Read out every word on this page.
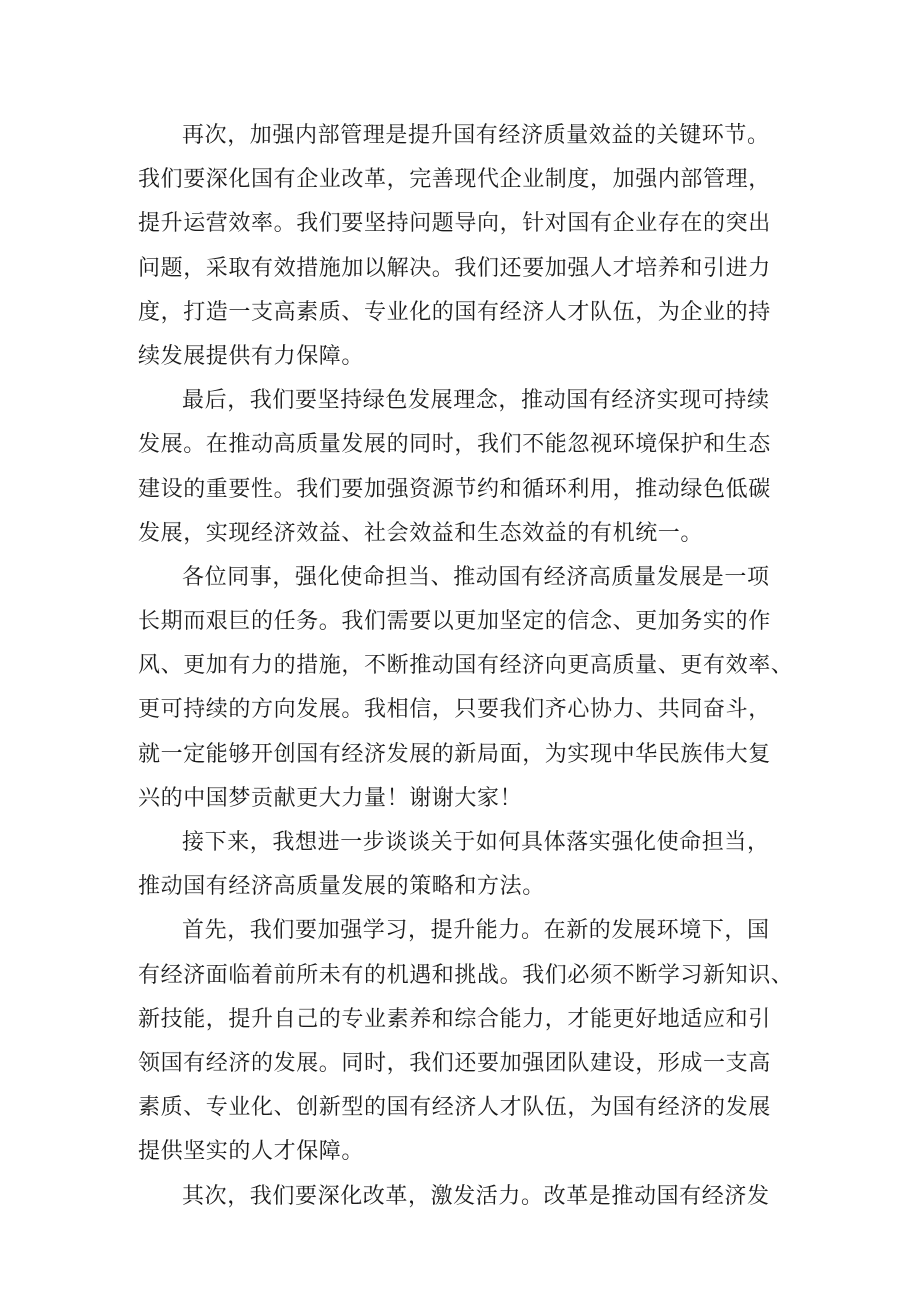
再次，加强内部管理是提升国有经济质量效益的关键环节。
我们要深化国有企业改革，完善现代企业制度，加强内部管理，
提升运营效率。我们要坚持问题导向，针对国有企业存在的突出
问题，采取有效措施加以解决。我们还要加强人才培养和引进力
度，打造一支高素质、专业化的国有经济人才队伍，为企业的持
续发展提供有力保障。
最后，我们要坚持绿色发展理念，推动国有经济实现可持续
发展。在推动高质量发展的同时，我们不能忽视环境保护和生态
建设的重要性。我们要加强资源节约和循环利用，推动绿色低碳
发展，实现经济效益、社会效益和生态效益的有机统一。
各位同事，强化使命担当、推动国有经济高质量发展是一项
长期而艰巨的任务。我们需要以更加坚定的信念、更加务实的作
风、更加有力的措施，不断推动国有经济向更高质量、更有效率、
更可持续的方向发展。我相信，只要我们齐心协力、共同奋斗，
就一定能够开创国有经济发展的新局面，为实现中华民族伟大复
兴的中国梦贡献更大力量！谢谢大家！
接下来，我想进一步谈谈关于如何具体落实强化使命担当，
推动国有经济高质量发展的策略和方法。
首先，我们要加强学习，提升能力。在新的发展环境下，国
有经济面临着前所未有的机遇和挑战。我们必须不断学习新知识、
新技能，提升自己的专业素养和综合能力，才能更好地适应和引
领国有经济的发展。同时，我们还要加强团队建设，形成一支高
素质、专业化、创新型的国有经济人才队伍，为国有经济的发展
提供坚实的人才保障。
其次，我们要深化改革，激发活力。改革是推动国有经济发
